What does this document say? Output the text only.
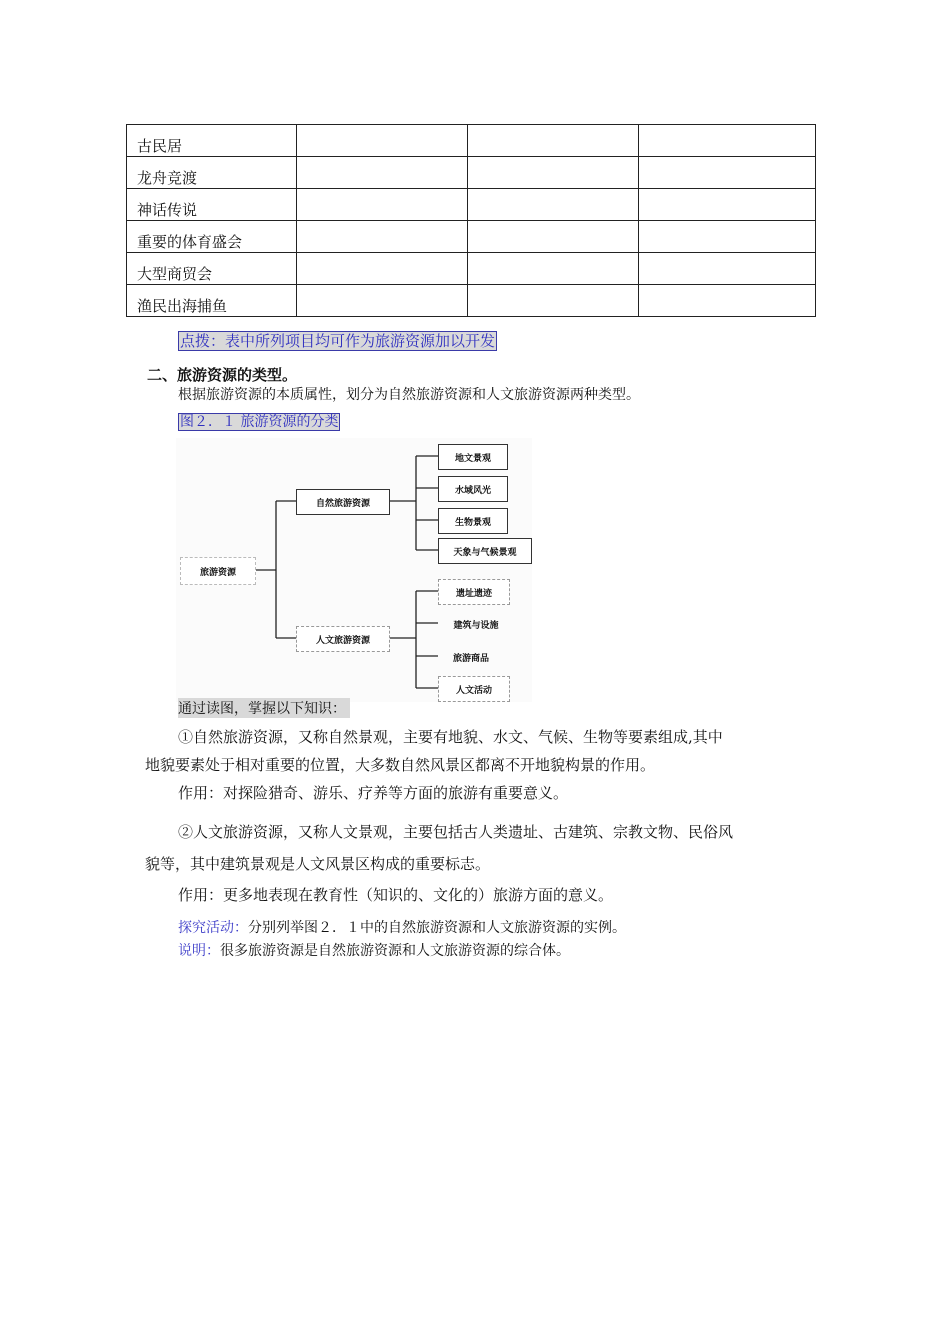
古民居			
龙舟竞渡			
神话传说			
重要的体育盛会			
大型商贸会			
渔民出海捕鱼			
点拨：表中所列项目均可作为旅游资源加以开发
二、旅游资源的类型。
根据旅游资源的本质属性，划分为自然旅游资源和人文旅游资源两种类型。
图２．１ 旅游资源的分类
旅游资源
自然旅游资源
人文旅游资源
地文景观
水域风光
生物景观
天象与气候景观
遗址遗迹
建筑与设施
旅游商品
人文活动
通过读图，掌握以下知识：
①自然旅游资源，又称自然景观，主要有地貌、水文、气候、生物等要素组成,其中
地貌要素处于相对重要的位置，大多数自然风景区都离不开地貌构景的作用。
作用：对探险猎奇、游乐、疗养等方面的旅游有重要意义。
②人文旅游资源，又称人文景观，主要包括古人类遗址、古建筑、宗教文物、民俗风
貌等，其中建筑景观是人文风景区构成的重要标志。
作用：更多地表现在教育性（知识的、文化的）旅游方面的意义。
探究活动：分别列举图２．１中的自然旅游资源和人文旅游资源的实例。
说明：很多旅游资源是自然旅游资源和人文旅游资源的综合体。
